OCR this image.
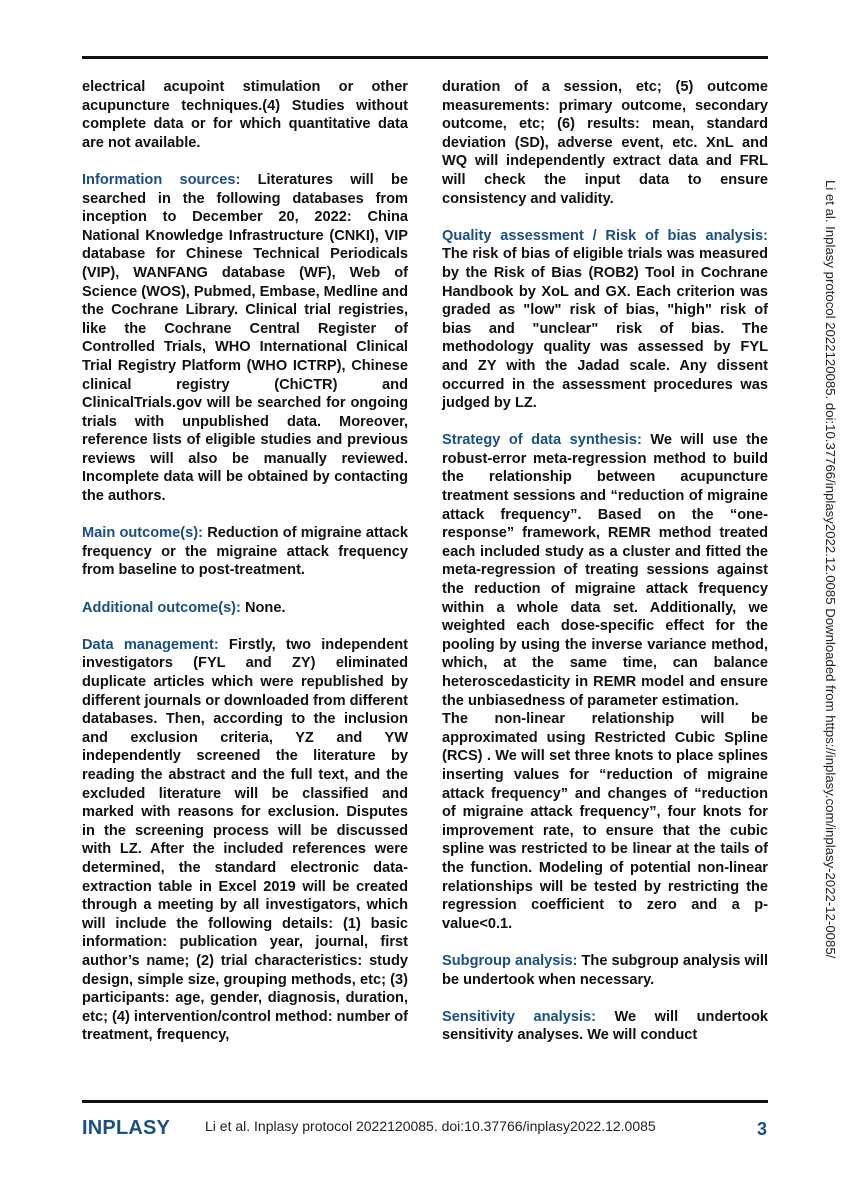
electrical acupoint stimulation or other acupuncture techniques.(4) Studies without complete data or for which quantitative data are not available.

Information sources: Literatures will be searched in the following databases from inception to December 20, 2022: China National Knowledge Infrastructure (CNKI), VIP database for Chinese Technical Periodicals (VIP), WANFANG database (WF), Web of Science (WOS), Pubmed, Embase, Medline and the Cochrane Library. Clinical trial registries, like the Cochrane Central Register of Controlled Trials, WHO International Clinical Trial Registry Platform (WHO ICTRP), Chinese clinical registry (ChiCTR) and ClinicalTrials.gov will be searched for ongoing trials with unpublished data. Moreover, reference lists of eligible studies and previous reviews will also be manually reviewed. Incomplete data will be obtained by contacting the authors.

Main outcome(s): Reduction of migraine attack frequency or the migraine attack frequency from baseline to post-treatment.

Additional outcome(s): None.

Data management: Firstly, two independent investigators (FYL and ZY) eliminated duplicate articles which were republished by different journals or downloaded from different databases. Then, according to the inclusion and exclusion criteria, YZ and YW independently screened the literature by reading the abstract and the full text, and the excluded literature will be classified and marked with reasons for exclusion. Disputes in the screening process will be discussed with LZ. After the included references were determined, the standard electronic data-extraction table in Excel 2019 will be created through a meeting by all investigators, which will include the following details: (1) basic information: publication year, journal, first author’s name; (2) trial characteristics: study design, simple size, grouping methods, etc; (3) participants: age, gender, diagnosis, duration, etc; (4) intervention/control method: number of treatment, frequency,

duration of a session, etc; (5) outcome measurements: primary outcome, secondary outcome, etc; (6) results: mean, standard deviation (SD), adverse event, etc. XnL and WQ will independently extract data and FRL will check the input data to ensure consistency and validity.

Quality assessment / Risk of bias analysis: The risk of bias of eligible trials was measured by the Risk of Bias (ROB2) Tool in Cochrane Handbook by XoL and GX. Each criterion was graded as "low" risk of bias, "high" risk of bias and "unclear" risk of bias. The methodology quality was assessed by FYL and ZY with the Jadad scale. Any dissent occurred in the assessment procedures was judged by LZ.

Strategy of data synthesis: We will use the robust-error meta-regression method to build the relationship between acupuncture treatment sessions and “reduction of migraine attack frequency”. Based on the “one-response” framework, REMR method treated each included study as a cluster and fitted the meta-regression of treating sessions against the reduction of migraine attack frequency within a whole data set. Additionally, we weighted each dose-specific effect for the pooling by using the inverse variance method, which, at the same time, can balance heteroscedasticity in REMR model and ensure the unbiasedness of parameter estimation.

The non-linear relationship will be approximated using Restricted Cubic Spline (RCS) . We will set three knots to place splines inserting values for “reduction of migraine attack frequency” and changes of “reduction of migraine attack frequency”, four knots for improvement rate, to ensure that the cubic spline was restricted to be linear at the tails of the function. Modeling of potential non-linear relationships will be tested by restricting the regression coefficient to zero and a p-value<0.1.

Subgroup analysis: The subgroup analysis will be undertook when necessary.

Sensitivity analysis: We will undertook sensitivity analyses. We will conduct

Li et al. Inplasy protocol 2022120085. doi:10.37766/inplasy2022.12.0085 Downloaded from https://inplasy.com/inplasy-2022-12-0085/
INPLASY Li et al. Inplasy protocol 2022120085. doi:10.37766/inplasy2022.12.0085	3
